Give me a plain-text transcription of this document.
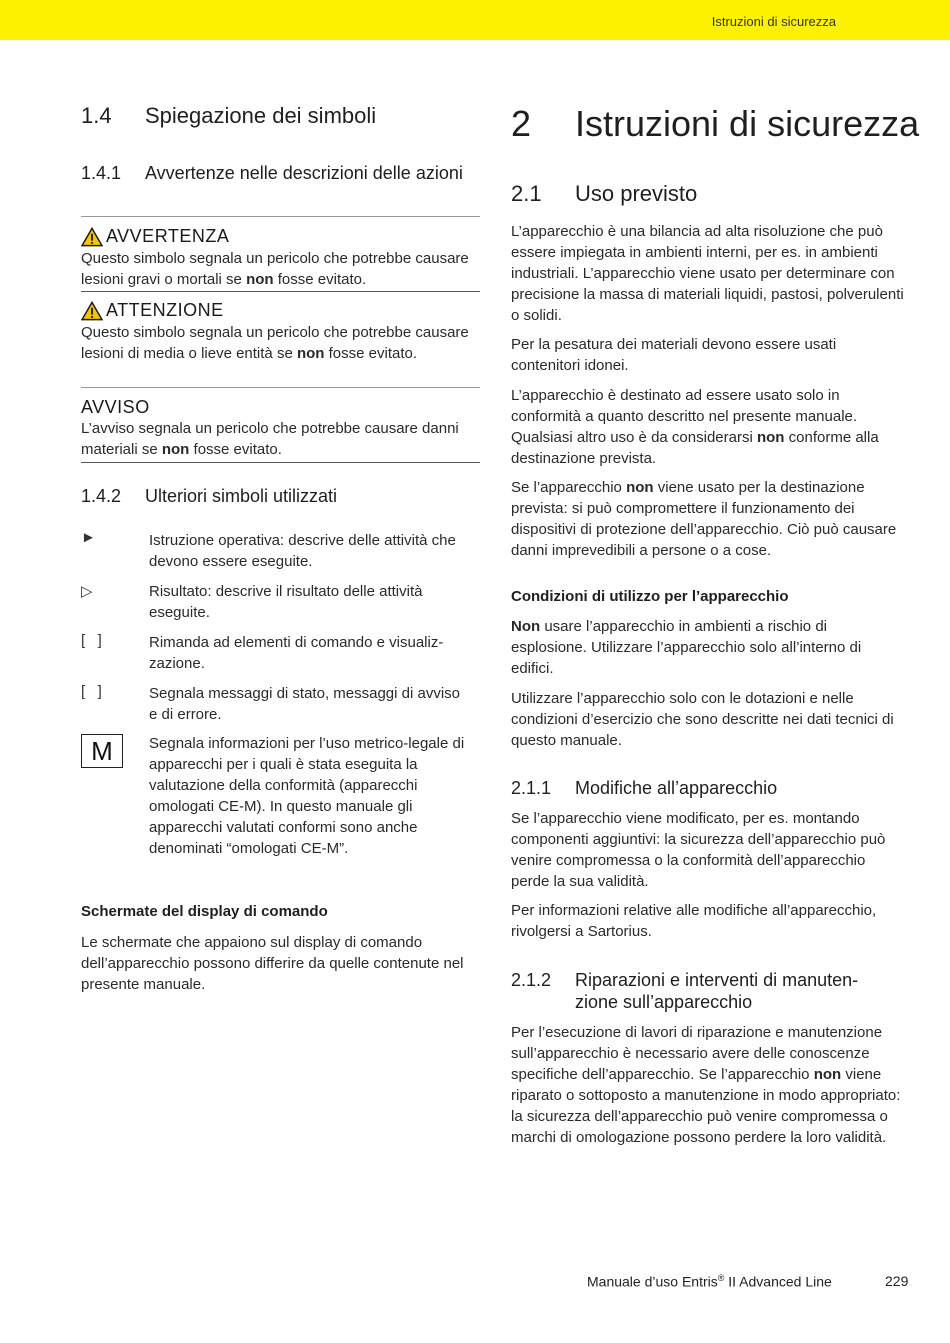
Istruzioni di sicurezza
1.4 Spiegazione dei simboli
1.4.1 Avvertenze nelle descrizioni delle azioni
AVVERTENZA
Questo simbolo segnala un pericolo che potrebbe causare lesioni gravi o mortali se non fosse evitato.
ATTENZIONE
Questo simbolo segnala un pericolo che potrebbe causare lesioni di media o lieve entità se non fosse evitato.
AVVISO
L’avviso segnala un pericolo che potrebbe causare danni materiali se non fosse evitato.
1.4.2 Ulteriori simboli utilizzati
►	Istruzione operativa: descrive delle attività che devono essere eseguite.
▷	Risultato: descrive il risultato delle attività eseguite.
[   ]	Rimanda ad elementi di comando e visualiz-zazione.
[   ]	Segnala messaggi di stato, messaggi di avviso e di errore.
M	Segnala informazioni per l’uso metrico-legale di apparecchi per i quali è stata eseguita la valutazione della conformità (apparecchi omologati CE-M). In questo manuale gli apparecchi valutati conformi sono anche denominati “omologati CE-M”.
Schermate del display di comando
Le schermate che appaiono sul display di comando dell’apparecchio possono differire da quelle contenute nel presente manuale.
2 Istruzioni di sicurezza
2.1 Uso previsto
L’apparecchio è una bilancia ad alta risoluzione che può essere impiegata in ambienti interni, per es. in ambienti industriali. L’apparecchio viene usato per determinare con precisione la massa di materiali liquidi, pastosi, polverulenti o solidi.
Per la pesatura dei materiali devono essere usati contenitori idonei.
L’apparecchio è destinato ad essere usato solo in conformità a quanto descritto nel presente manuale. Qualsiasi altro uso è da considerarsi non conforme alla destinazione prevista.
Se l’apparecchio non viene usato per la destinazione prevista: si può compromettere il funzionamento dei dispositivi di protezione dell’apparecchio. Ciò può causare danni imprevedibili a persone o a cose.
Condizioni di utilizzo per l’apparecchio
Non usare l’apparecchio in ambienti a rischio di esplosione. Utilizzare l’apparecchio solo all’interno di edifici.
Utilizzare l’apparecchio solo con le dotazioni e nelle condizioni d’esercizio che sono descritte nei dati tecnici di questo manuale.
2.1.1 Modifiche all’apparecchio
Se l’apparecchio viene modificato, per es. montando componenti aggiuntivi: la sicurezza dell’apparecchio può venire compromessa o la conformità dell’apparecchio perde la sua validità.
Per informazioni relative alle modifiche all’apparecchio, rivolgersi a Sartorius.
2.1.2 Riparazioni e interventi di manuten-zione sull’apparecchio
Per l’esecuzione di lavori di riparazione e manutenzione sull’apparecchio è necessario avere delle conoscenze specifiche dell’apparecchio. Se l’apparecchio non viene riparato o sottoposto a manutenzione in modo appropriato: la sicurezza dell’apparecchio può venire compromessa o marchi di omologazione possono perdere la loro validità.
Manuale d’uso Entris® II Advanced Line	229
